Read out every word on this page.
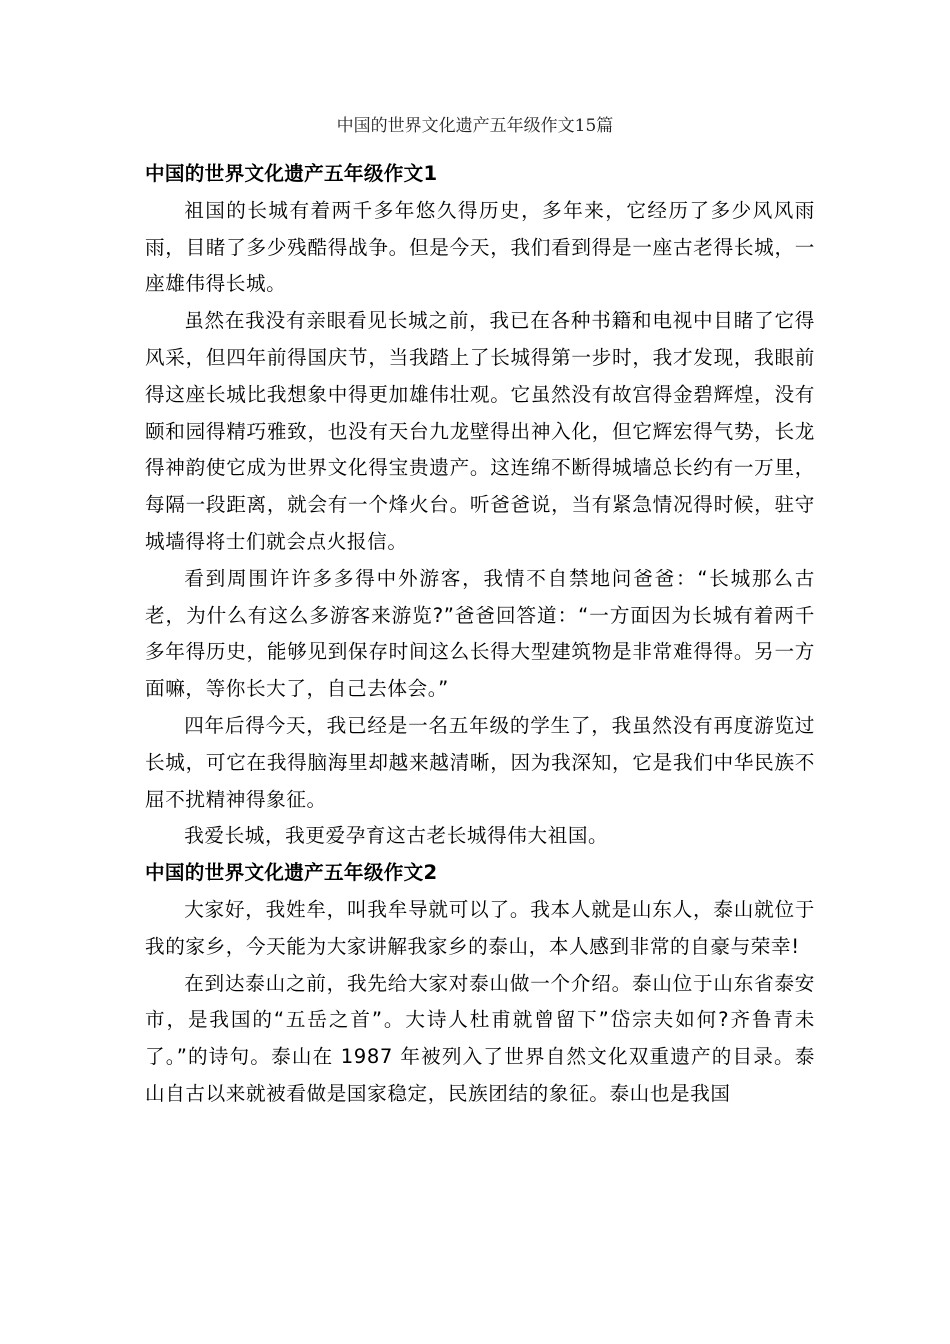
中国的世界文化遗产五年级作文15篇

中国的世界文化遗产五年级作文1

祖国的长城有着两千多年悠久得历史，多年来，它经历了多少风风雨雨，目睹了多少残酷得战争。但是今天，我们看到得是一座古老得长城，一座雄伟得长城。

虽然在我没有亲眼看见长城之前，我已在各种书籍和电视中目睹了它得风采，但四年前得国庆节，当我踏上了长城得第一步时，我才发现，我眼前得这座长城比我想象中得更加雄伟壮观。它虽然没有故宫得金碧辉煌，没有颐和园得精巧雅致，也没有天台九龙壁得出神入化，但它辉宏得气势，长龙得神韵使它成为世界文化得宝贵遗产。这连绵不断得城墙总长约有一万里，每隔一段距离，就会有一个烽火台。听爸爸说，当有紧急情况得时候，驻守城墙得将士们就会点火报信。

看到周围许许多多得中外游客，我情不自禁地问爸爸：“长城那么古老，为什么有这么多游客来游览?”爸爸回答道：“一方面因为长城有着两千多年得历史，能够见到保存时间这么长得大型建筑物是非常难得得。另一方面嘛，等你长大了，自己去体会。”

四年后得今天，我已经是一名五年级的学生了，我虽然没有再度游览过长城，可它在我得脑海里却越来越清晰，因为我深知，它是我们中华民族不屈不扰精神得象征。

我爱长城，我更爱孕育这古老长城得伟大祖国。

中国的世界文化遗产五年级作文2

大家好，我姓牟，叫我牟导就可以了。我本人就是山东人，泰山就位于我的家乡，今天能为大家讲解我家乡的泰山，本人感到非常的自豪与荣幸!

在到达泰山之前，我先给大家对泰山做一个介绍。泰山位于山东省泰安市，是我国的“五岳之首”。大诗人杜甫就曾留下”岱宗夫如何?齐鲁青未了。”的诗句。泰山在 1987 年被列入了世界自然文化双重遗产的目录。泰山自古以来就被看做是国家稳定，民族团结的象征。泰山也是我国
